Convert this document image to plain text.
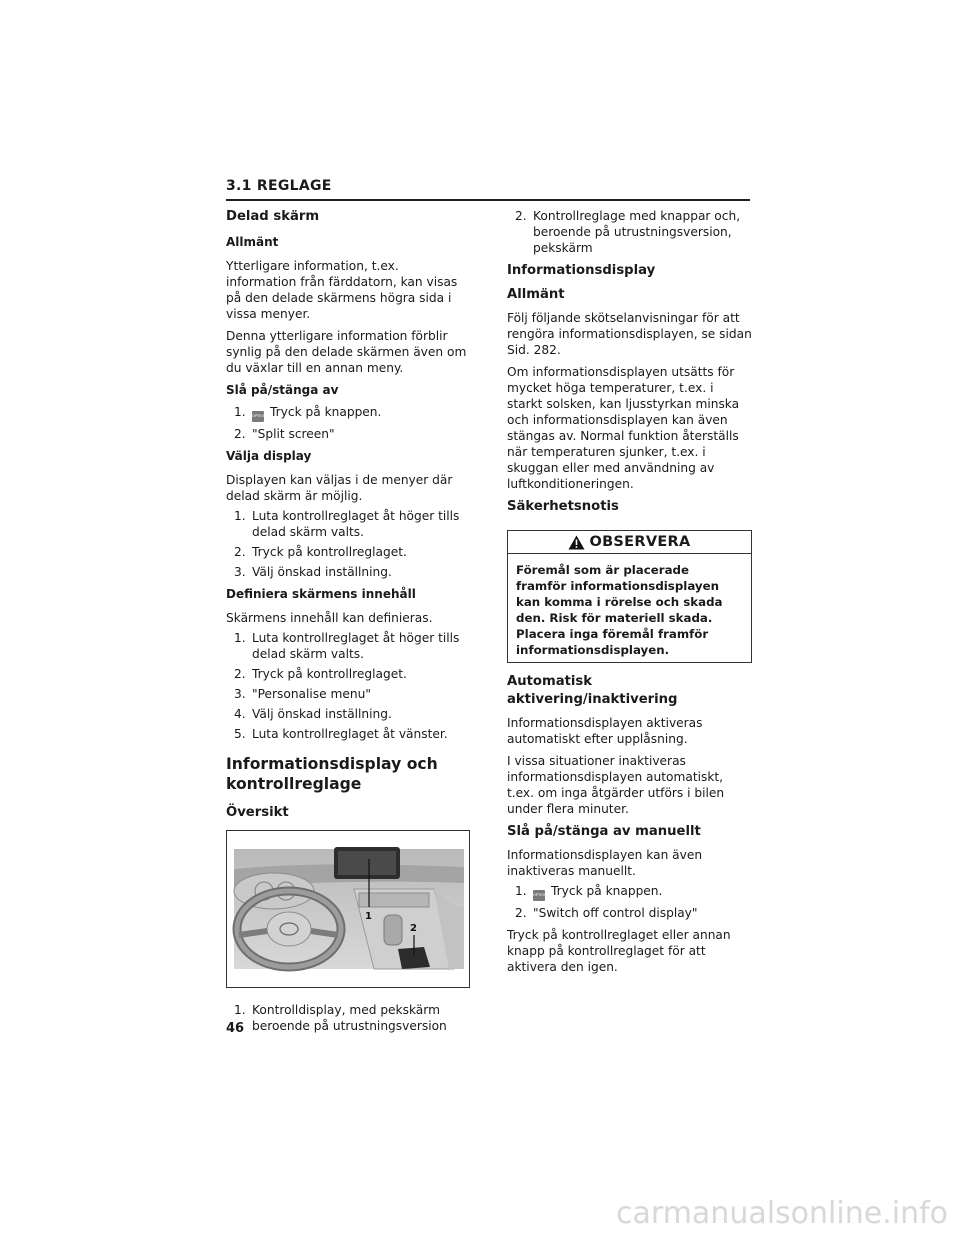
3.1 REGLAGE
Delad skärm
Allmänt

Ytterligare information, t.ex. information från färddatorn, kan visas på den delade skärmens högra sida i vissa menyer.

Denna ytterligare information förblir synlig på den delade skärmen även om du växlar till en annan meny.

Slå på/stänga av
1. OPTION Tryck på knappen.
2. "Split screen"
Välja display

Displayen kan väljas i de menyer där delad skärm är möjlig.

1. Luta kontrollreglaget åt höger tills delad skärm valts.
2. Tryck på kontrollreglaget.
3. Välj önskad inställning.
Definiera skärmens innehåll

Skärmens innehåll kan definieras.

1. Luta kontrollreglaget åt höger tills delad skärm valts.
2. Tryck på kontrollreglaget.
3. "Personalise menu"
4. Välj önskad inställning.
5. Luta kontrollreglaget åt vänster.
Informationsdisplay och
kontrollreglage
Översikt
1
2
1. Kontrolldisplay, med pekskärm beroende på utrustningsversion
2. Kontrollreglage med knappar och, beroende på utrustningsversion, pekskärm
Informationsdisplay
Allmänt

Följ följande skötselanvisningar för att rengöra informationsdisplayen, se sidan Sid. 282.

Om informationsdisplayen utsätts för mycket höga temperaturer, t.ex. i starkt solsken, kan ljusstyrkan minska och informationsdisplayen kan även stängas av. Normal funktion återställs när temperaturen sjunker, t.ex. i skuggan eller med användning av luftkonditioneringen.

Säkerhetsnotis
OBSERVERA
Föremål som är placerade framför informationsdisplayen kan komma i rörelse och skada den. Risk för materiell skada. Placera inga föremål framför informationsdisplayen.
Automatisk aktivering/inaktivering

Informationsdisplayen aktiveras automatiskt efter upplåsning.

I vissa situationer inaktiveras informationsdisplayen automatiskt, t.ex. om inga åtgärder utförs i bilen under flera minuter.

Slå på/stänga av manuellt

Informationsdisplayen kan även inaktiveras manuellt.

1. OPTION Tryck på knappen.
2. "Switch off control display"

Tryck på kontrollreglaget eller annan knapp på kontrollreglaget för att aktivera den igen.

46
carmanualsonline.info
